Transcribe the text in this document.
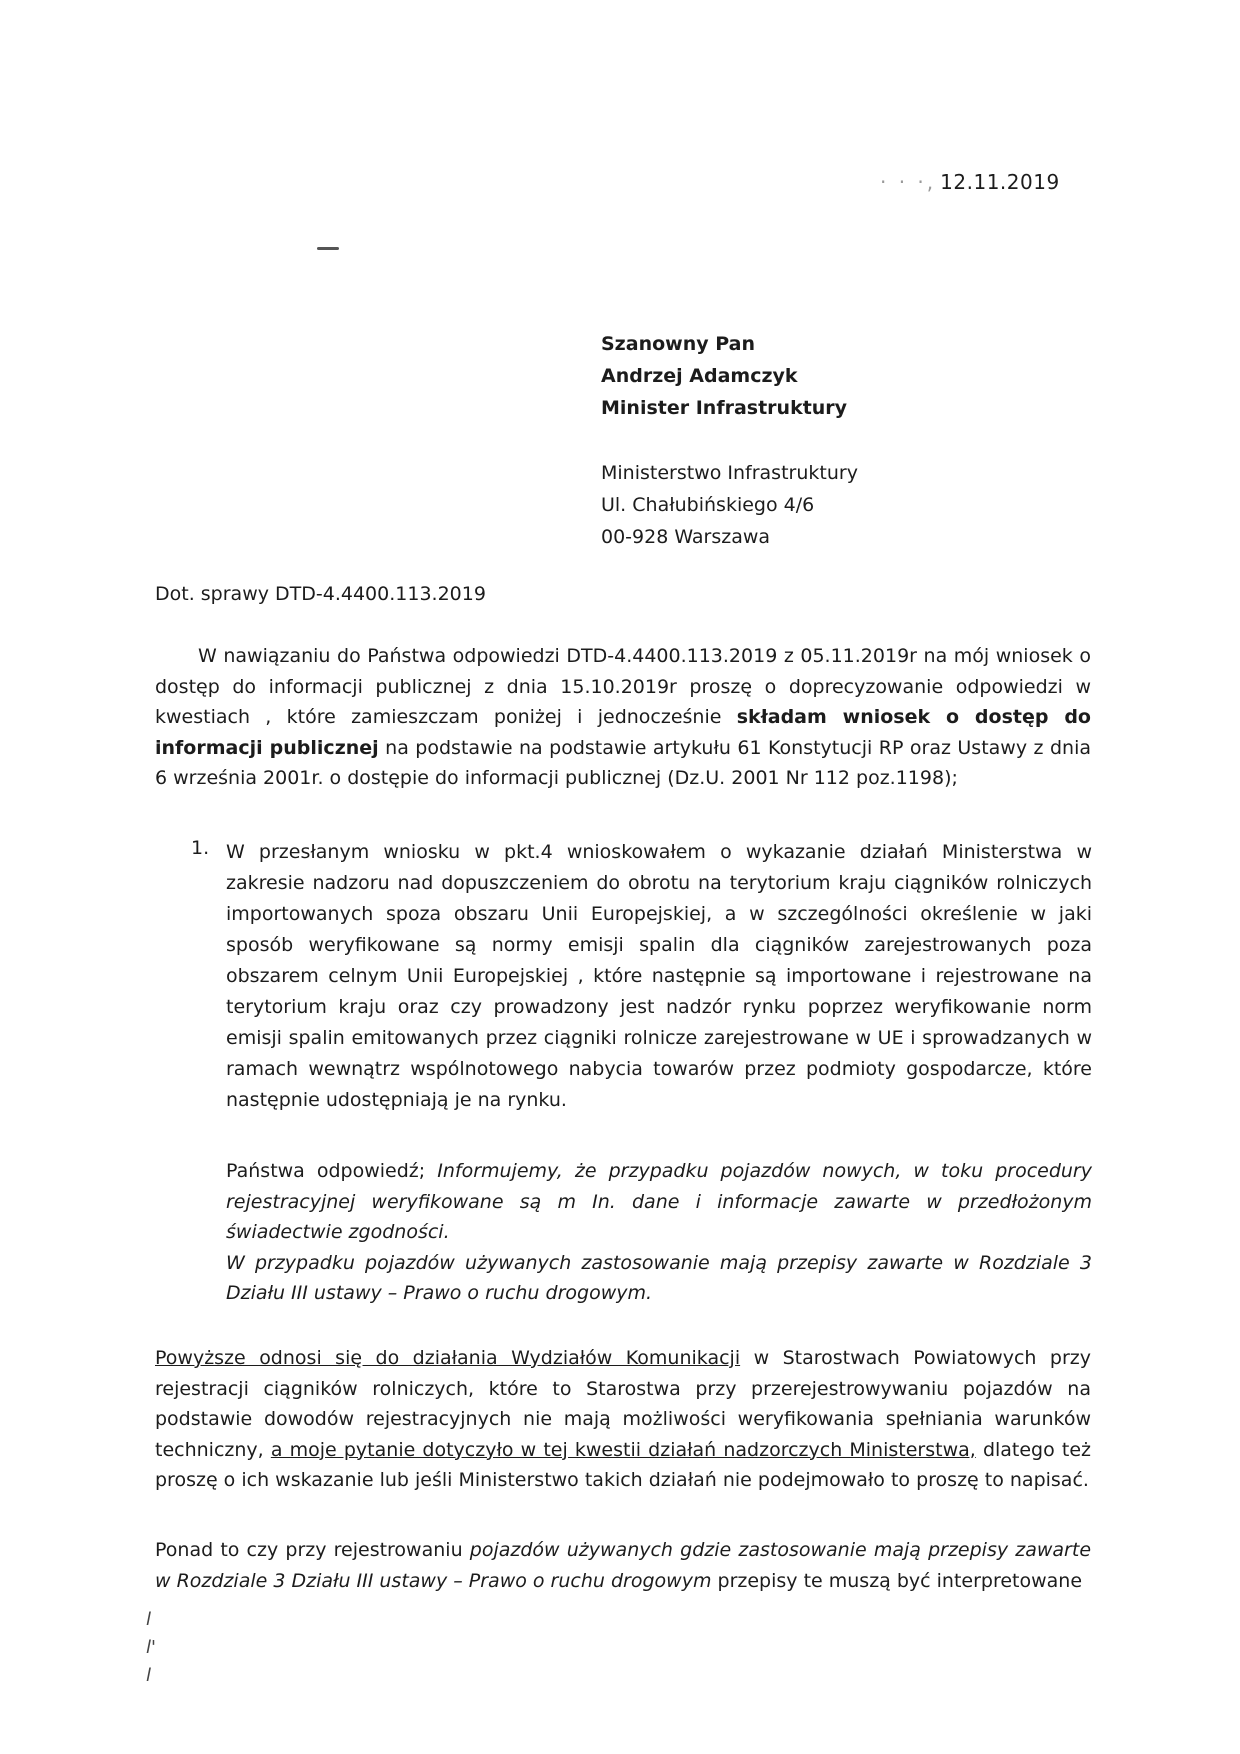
· · ·, 12.11.2019
Szanowny Pan
Andrzej Adamczyk
Minister Infrastruktury
Ministerstwo Infrastruktury
Ul. Chałubińskiego 4/6
00-928 Warszawa
Dot. sprawy DTD-4.4400.113.2019

W nawiązaniu do Państwa odpowiedzi DTD-4.4400.113.2019 z 05.11.2019r na mój wniosek o dostęp do informacji publicznej z dnia 15.10.2019r proszę o doprecyzowanie odpowiedzi w kwestiach , które zamieszczam poniżej i jednocześnie składam wniosek o dostęp do informacji publicznej na podstawie na podstawie artykułu 61 Konstytucji RP oraz Ustawy z dnia 6 września 2001r. o dostępie do informacji publicznej (Dz.U. 2001 Nr 112 poz.1198);

1. W przesłanym wniosku w pkt.4 wnioskowałem o wykazanie działań Ministerstwa w zakresie nadzoru nad dopuszczeniem do obrotu na terytorium kraju ciągników rolniczych importowanych spoza obszaru Unii Europejskiej, a w szczególności określenie w jaki sposób weryfikowane są normy emisji spalin dla ciągników zarejestrowanych poza obszarem celnym Unii Europejskiej , które następnie są importowane i rejestrowane na terytorium kraju oraz czy prowadzony jest nadzór rynku poprzez weryfikowanie norm emisji spalin emitowanych przez ciągniki rolnicze zarejestrowane w UE i sprowadzanych w ramach wewnątrz wspólnotowego nabycia towarów przez podmioty gospodarcze, które następnie udostępniają je na rynku.

Państwa odpowiedź; Informujemy, że przypadku pojazdów nowych, w toku procedury rejestracyjnej weryfikowane są m In. dane i informacje zawarte w przedłożonym świadectwie zgodności.
W przypadku pojazdów używanych zastosowanie mają przepisy zawarte w Rozdziale 3 Działu III ustawy – Prawo o ruchu drogowym.

Powyższe odnosi się do działania Wydziałów Komunikacji w Starostwach Powiatowych przy rejestracji ciągników rolniczych, które to Starostwa przy przerejestrowywaniu pojazdów na podstawie dowodów rejestracyjnych nie mają możliwości weryfikowania spełniania warunków techniczny, a moje pytanie dotyczyło w tej kwestii działań nadzorczych Ministerstwa, dlatego też proszę o ich wskazanie lub jeśli Ministerstwo takich działań nie podejmowało to proszę to napisać.

Ponad to czy przy rejestrowaniu pojazdów używanych gdzie zastosowanie mają przepisy zawarte w Rozdziale 3 Działu III ustawy – Prawo o ruchu drogowym przepisy te muszą być interpretowane

l
l'
l
